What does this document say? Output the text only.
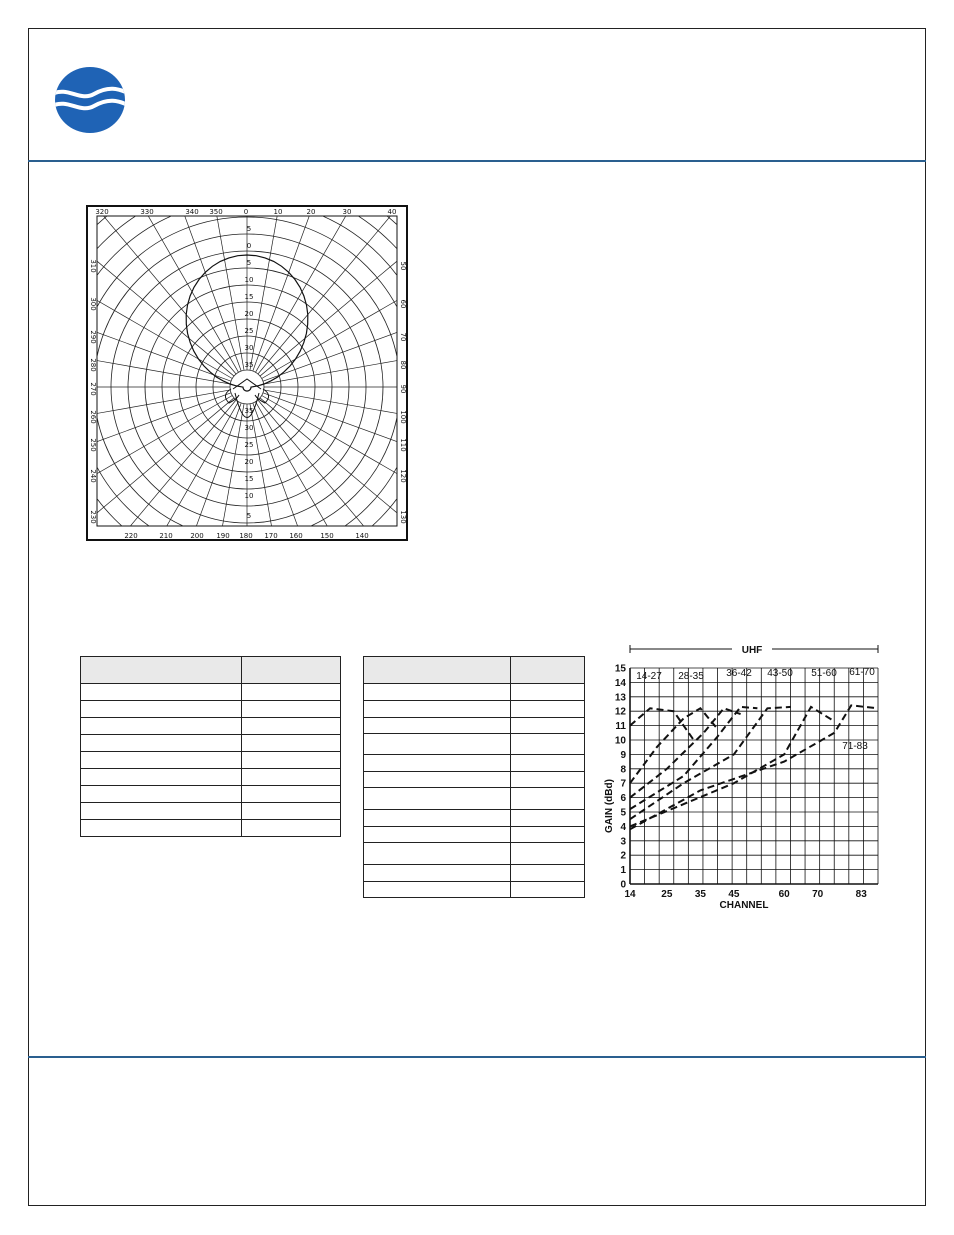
320	330	340 350	0	10	20	30	40
220	210	200 190 180 170 160	150	140
310
300
290
280
270
260
250
240
230
50
60
70
80
90
100
110
120
130
5
0
5
10
15
20
25
30
35
35
30
25
20
15
10
5

0
1
2
3
4
5
6
7
8
9
10
11
12
13
14
15
14	25 35 45	60 70	83
CHANNEL
GAIN (dBd)
UHF
14-27 28-35 36-42 43-50 51-60 61-70
71-83
